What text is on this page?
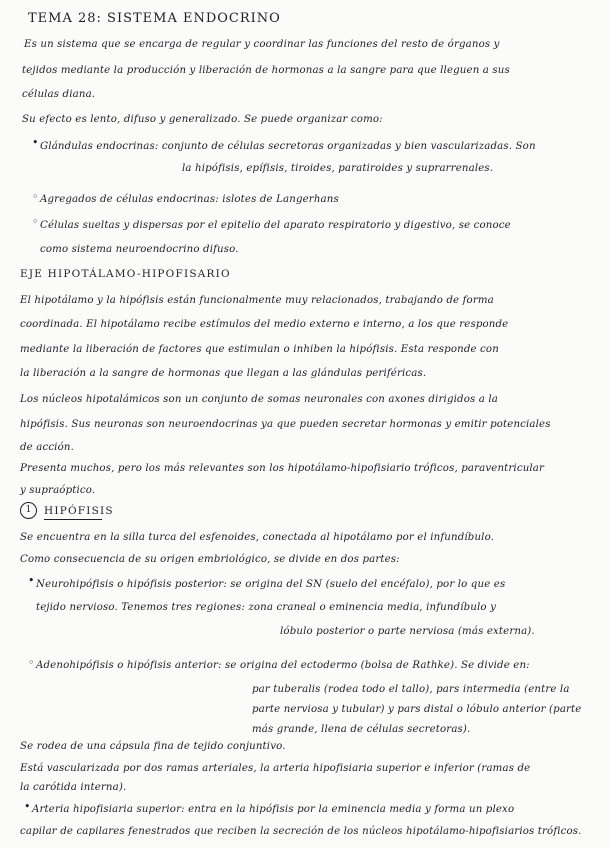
TEMA 28: SISTEMA ENDOCRINO
Es un sistema que se encarga de regular y coordinar las funciones del resto de órganos y
tejidos mediante la producción y liberación de hormonas a la sangre para que lleguen a sus
células diana.
Su efecto es lento, difuso y generalizado. Se puede organizar como:
• Glándulas endocrinas: conjunto de células secretoras organizadas y bien vascularizadas. Son
la hipófisis, epífisis, tiroides, paratiroides y suprarrenales.
◦ Agregados de células endocrinas: islotes de Langerhans
◦ Células sueltas y dispersas por el epitelio del aparato respiratorio y digestivo, se conoce
como sistema neuroendocrino difuso.
EJE HIPOTÁLAMO-HIPOFISARIO
El hipotálamo y la hipófisis están funcionalmente muy relacionados, trabajando de forma
coordinada. El hipotálamo recibe estímulos del medio externo e interno, a los que responde
mediante la liberación de factores que estimulan o inhiben la hipófisis. Esta responde con
la liberación a la sangre de hormonas que llegan a las glándulas periféricas.
Los núcleos hipotalámicos son un conjunto de somas neuronales con axones dirigidos a la
hipófisis. Sus neuronas son neuroendocrinas ya que pueden secretar hormonas y emitir potenciales
de acción.
Presenta muchos, pero los más relevantes son los hipotálamo-hipofisiario tróficos, paraventricular
y supraóptico.
1	HIPÓFISIS
Se encuentra en la silla turca del esfenoides, conectada al hipotálamo por el infundíbulo.
Como consecuencia de su origen embriológico, se divide en dos partes:
• Neurohipófisis o hipófisis posterior: se origina del SN (suelo del encéfalo), por lo que es
tejido nervioso. Tenemos tres regiones: zona craneal o eminencia media, infundíbulo y
lóbulo posterior o parte nerviosa (más externa).
◦ Adenohipófisis o hipófisis anterior: se origina del ectodermo (bolsa de Rathke). Se divide en:
par tuberalis (rodea todo el tallo), pars intermedia (entre la
parte nerviosa y tubular) y pars distal o lóbulo anterior (parte
más grande, llena de células secretoras).
Se rodea de una cápsula fina de tejido conjuntivo.
Está vascularizada por dos ramas arteriales, la arteria hipofisiaria superior e inferior (ramas de
la carótida interna).
• Arteria hipofisiaria superior: entra en la hipófisis por la eminencia media y forma un plexo
capilar de capilares fenestrados que reciben la secreción de los núcleos hipotálamo-hipofisiarios tróficos.
